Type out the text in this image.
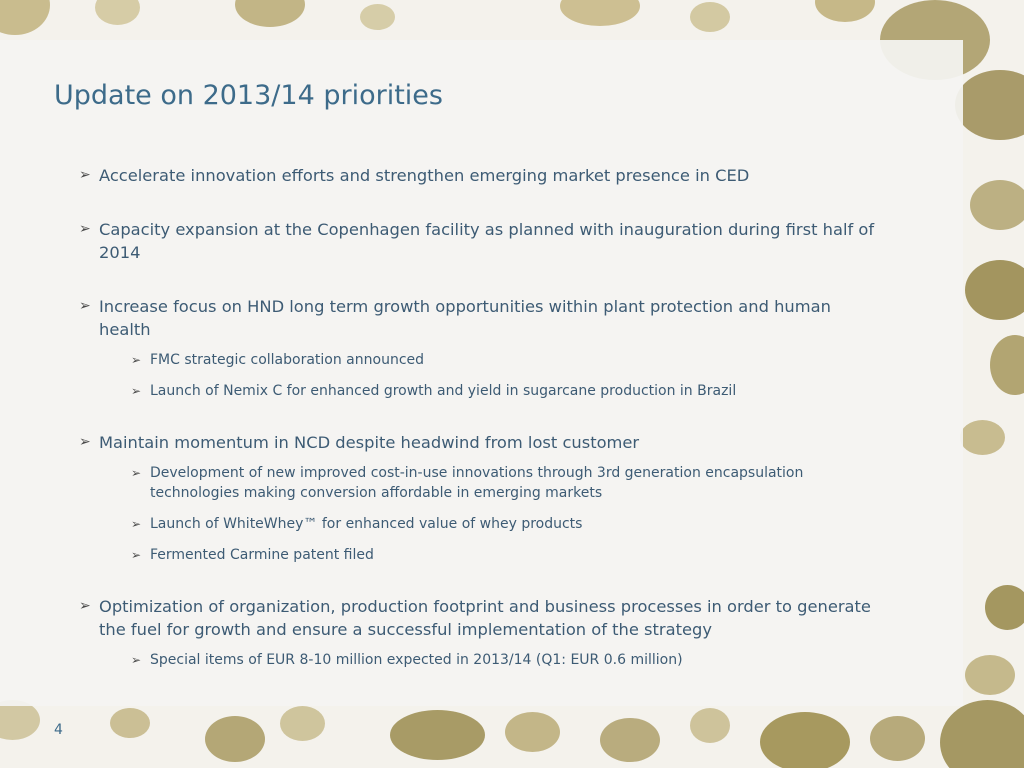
Update on 2013/14 priorities
➢ Accelerate innovation efforts and strengthen emerging market presence in CED
➢ Capacity expansion at the Copenhagen facility as planned with inauguration during first half of 2014
➢ Increase focus on HND long term growth opportunities within plant protection and human health
➢ FMC strategic collaboration announced
➢ Launch of Nemix C for enhanced growth and yield in sugarcane production in Brazil
➢ Maintain momentum in NCD despite headwind from lost customer
➢ Development of new improved cost-in-use innovations through 3rd generation encapsulation technologies making conversion affordable in emerging markets
➢ Launch of WhiteWhey™ for enhanced value of whey products
➢ Fermented Carmine patent filed
➢ Optimization of organization, production footprint and business processes in order to generate the fuel for growth and ensure a successful implementation of the strategy
➢ Special items of EUR 8-10 million expected in 2013/14 (Q1: EUR 0.6 million)
4
